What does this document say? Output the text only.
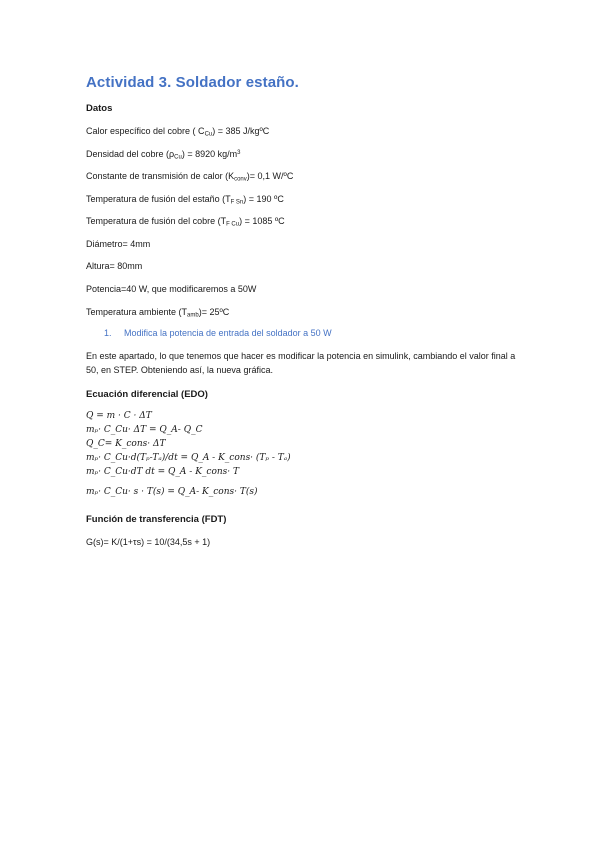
Actividad 3. Soldador estaño.

Datos

Calor específico del cobre ( $C_{Cu}) = 385$ J/kgºC

Densidad del cobre $(\rho_{Cu}) = 8920$ $kg/m^3$

Constante de transmisión de calor $(K_{conv})= 0,1$ W/ºC

Temperatura de fusión del estaño $(T_{F Sn}) = 190$ ºC

Temperatura de fusión del cobre $(T_{F Cu}) = 1085$ ºC

Diámetro= 4mm

Altura= 80mm

Potencia=40 W, que modificaremos a 50W

Temperatura ambiente $(T_{amb})=$ 25ºC

1. Modifica la potencia de entrada del soldador a 50 W

En este apartado, lo que tenemos que hacer es modificar la potencia en simulink, cambiando el valor final a 50, en STEP. Obteniendo así, la nueva gráfica.

Ecuación diferencial (EDO)

Q = m · C · ΔT

mₚ· C_Cu· ΔT = Q_A- Q_C

Q_C= K_cons· ΔT

mₚ· C_Cu·d(Tₚ-Tₐ)/dt = Q_A - K_cons· (Tₚ - Tₐ)

mₚ· C_Cu·dT dt = Q_A - K_cons· T

mₚ· C_Cu· s · T(s) = Q_A- K_cons· T(s)

Función de transferencia (FDT)

G(s)= K/(1+τs) = 10/(34,5s + 1)
